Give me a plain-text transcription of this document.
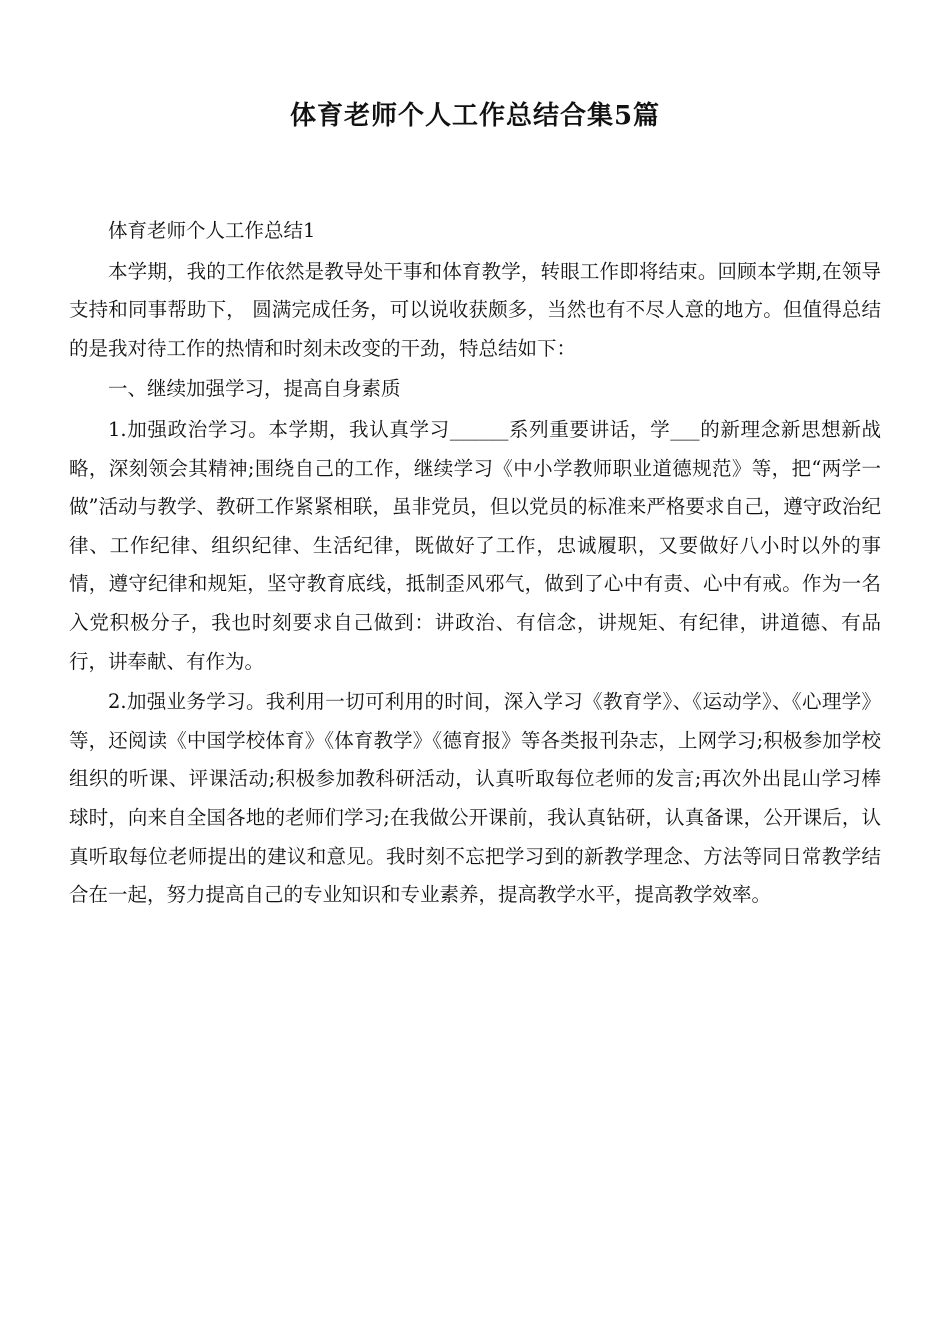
体育老师个人工作总结合集5篇

体育老师个人工作总结1

本学期，我的工作依然是教导处干事和体育教学，转眼工作即将结束。回顾本学期,在领导支持和同事帮助下， 圆满完成任务，可以说收获颇多，当然也有不尽人意的地方。但值得总结的是我对待工作的热情和时刻未改变的干劲，特总结如下：

一、继续加强学习，提高自身素质

1.加强政治学习。本学期，我认真学习______系列重要讲话，学___的新理念新思想新战略，深刻领会其精神;围绕自己的工作，继续学习《中小学教师职业道德规范》等，把“两学一做”活动与教学、教研工作紧紧相联，虽非党员，但以党员的标准来严格要求自己，遵守政治纪律、工作纪律、组织纪律、生活纪律，既做好了工作，忠诚履职，又要做好八小时以外的事情，遵守纪律和规矩，坚守教育底线，抵制歪风邪气，做到了心中有责、心中有戒。作为一名入党积极分子，我也时刻要求自己做到：讲政治、有信念，讲规矩、有纪律，讲道德、有品行，讲奉献、有作为。

2.加强业务学习。我利用一切可利用的时间，深入学习《教育学》、《运动学》、《心理学》等，还阅读《中国学校体育》《体育教学》《德育报》等各类报刊杂志，上网学习;积极参加学校组织的听课、评课活动;积极参加教科研活动，认真听取每位老师的发言;再次外出昆山学习棒球时，向来自全国各地的老师们学习;在我做公开课前，我认真钻研，认真备课，公开课后，认真听取每位老师提出的建议和意见。我时刻不忘把学习到的新教学理念、方法等同日常教学结合在一起，努力提高自己的专业知识和专业素养，提高教学水平，提高教学效率。
